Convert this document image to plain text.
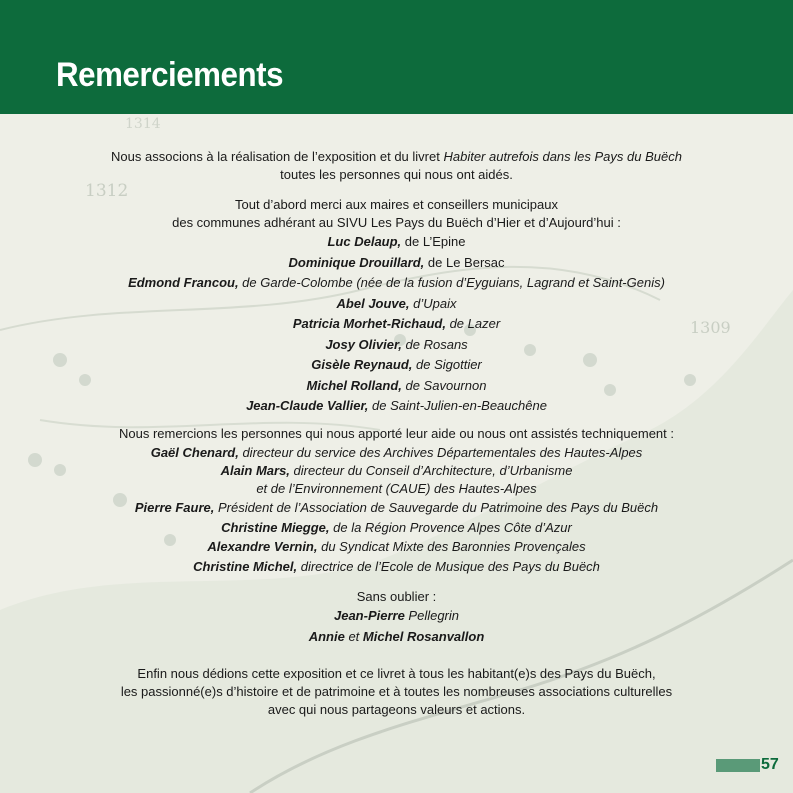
1312
1309
1314
Remerciements

Nous associons à la réalisation de l’exposition et du livret Habiter autrefois dans les Pays du Buëch

toutes les personnes qui nous ont aidés.

Tout d’abord merci aux maires et conseillers municipaux

des communes adhérant au SIVU Les Pays du Buëch d’Hier et d’Aujourd’hui :

Luc Delaup, de L’Epine

Dominique Drouillard, de Le Bersac

Edmond Francou, de Garde-Colombe (née de la fusion d’Eyguians, Lagrand et Saint-Genis)

Abel Jouve, d’Upaix

Patricia Morhet-Richaud, de Lazer

Josy Olivier, de Rosans

Gisèle Reynaud, de Sigottier

Michel Rolland, de Savournon

Jean-Claude Vallier, de Saint-Julien-en-Beauchêne

Nous remercions les personnes qui nous apporté leur aide ou nous ont assistés techniquement :

Gaël Chenard, directeur du service des Archives Départementales des Hautes-Alpes

Alain Mars, directeur du Conseil d’Architecture, d’Urbanisme

et de l’Environnement (CAUE) des Hautes-Alpes

Pierre Faure, Président de l’Association de Sauvegarde du Patrimoine des Pays du Buëch

Christine Miegge, de la Région Provence Alpes Côte d’Azur

Alexandre Vernin, du Syndicat Mixte des Baronnies Provençales

Christine Michel, directrice de l’Ecole de Musique des Pays du Buëch

Sans oublier :

Jean-Pierre Pellegrin

Annie et Michel Rosanvallon

Enfin nous dédions cette exposition et ce livret à tous les habitant(e)s des Pays du Buëch,

les passionné(e)s d’histoire et de patrimoine et à toutes les nombreuses associations culturelles

avec qui nous partageons valeurs et actions.

57
